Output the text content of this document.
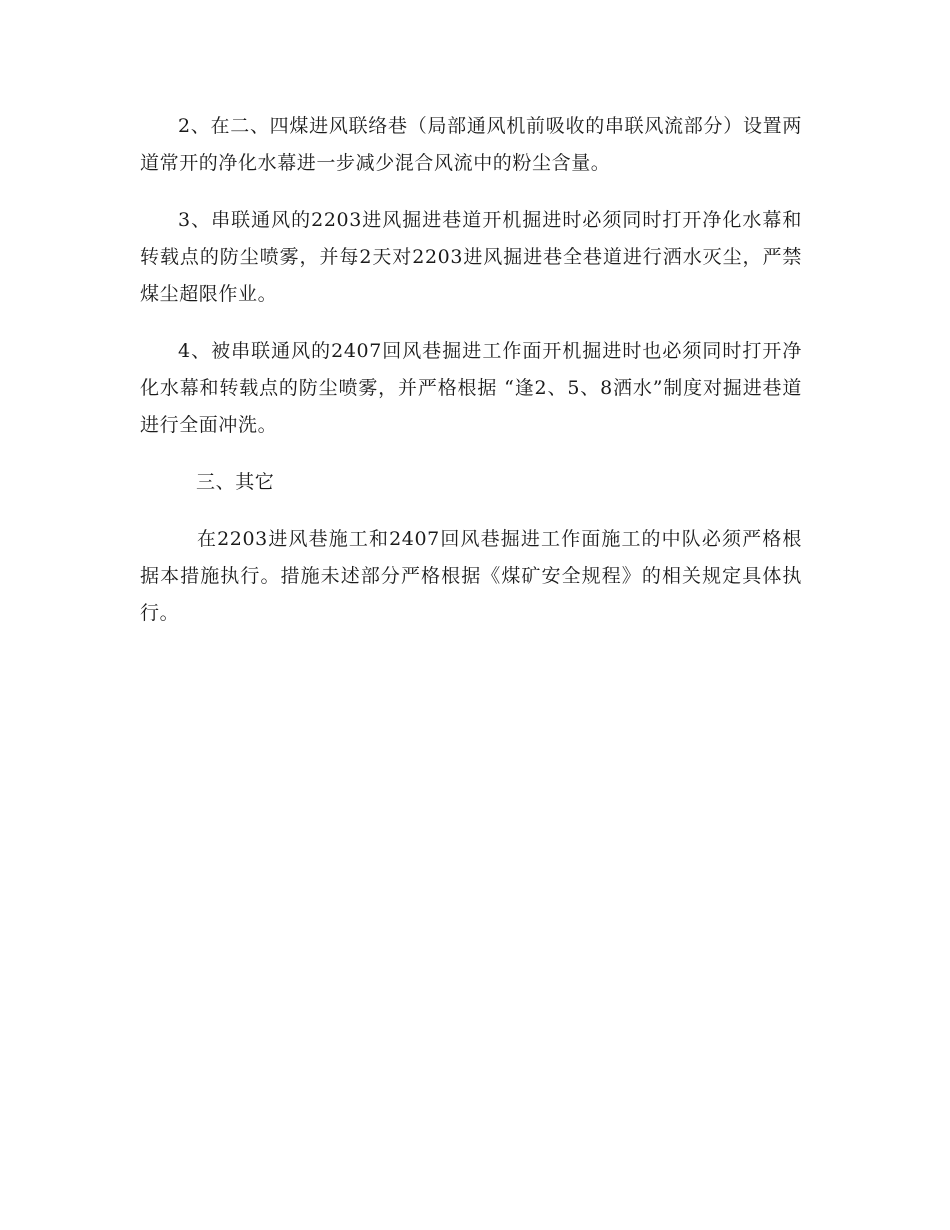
2、在二、四煤进风联络巷（局部通风机前吸收的串联风流部分）设置两道常开的净化水幕进一步减少混合风流中的粉尘含量。

3、串联通风的2203进风掘进巷道开机掘进时必须同时打开净化水幕和转载点的防尘喷雾，并每2天对2203进风掘进巷全巷道进行洒水灭尘，严禁煤尘超限作业。

4、被串联通风的2407回风巷掘进工作面开机掘进时也必须同时打开净化水幕和转载点的防尘喷雾，并严格根据 “逢2、5、8洒水”制度对掘进巷道进行全面冲洗。

三、其它

在2203进风巷施工和2407回风巷掘进工作面施工的中队必须严格根据本措施执行。措施未述部分严格根据《煤矿安全规程》的相关规定具体执行。
